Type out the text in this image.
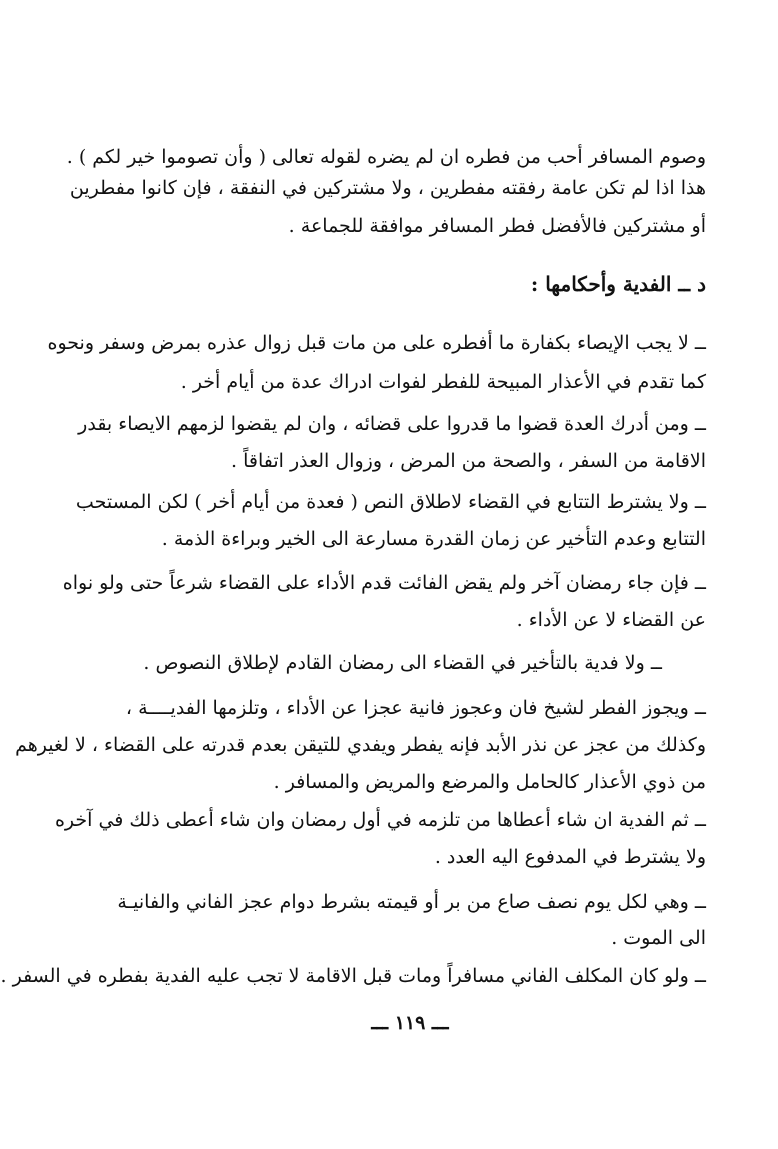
وصوم المسافر أحب من فطره ان لم يضره لقوله تعالى ( وأن تصوموا خير لكم ) .
هذا اذا لم تكن عامة رفقته مفطرين ، ولا مشتركين في النفقة ، فإن كانوا مفطرين
أو مشتركين فالأفضل فطر المسافر موافقة للجماعة .
د ــ الفدية وأحكامها :
ــ لا يجب الإيصاء بكفارة ما أفطره على من مات قبل زوال عذره بمرض وسفر ونحوه
كما تقدم في الأعذار المبيحة للفطر لفوات ادراك عدة من أيام أخر .
ــ ومن أدرك العدة قضوا ما قدروا على قضائه ، وان لم يقضوا لزمهم الايصاء بقدر
الاقامة من السفر ، والصحة من المرض ، وزوال العذر اتفاقاً .
ــ ولا يشترط التتابع في القضاء لاطلاق النص ( فعدة من أيام أخر ) لكن المستحب
التتابع وعدم التأخير عن زمان القدرة مسارعة الى الخير وبراءة الذمة .
ــ فإن جاء رمضان آخر ولم يقض الفائت قدم الأداء على القضاء شرعاً حتى ولو نواه
عن القضاء لا عن الأداء .
ــ ولا فدية بالتأخير في القضاء الى رمضان القادم لإطلاق النصوص .
ــ ويجوز الفطر لشيخ فان وعجوز فانية عجزا عن الأداء ، وتلزمها الفديــــة ،
وكذلك من عجز عن نذر الأبد فإنه يفطر ويفدي للتيقن بعدم قدرته على القضاء ، لا لغيرهم
من ذوي الأعذار كالحامل والمرضع والمريض والمسافر .
ــ ثم الفدية ان شاء أعطاها من تلزمه في أول رمضان وان شاء أعطى ذلك في آخره
ولا يشترط في المدفوع اليه العدد .
ــ وهي لكل يوم نصف صاع من بر أو قيمته بشرط دوام عجز الفاني والفانيـة
الى الموت .
ــ ولو كان المكلف الفاني مسافراً ومات قبل الاقامة لا تجب عليه الفدية بفطره في السفر .
ـــ ١١٩ ـــ
